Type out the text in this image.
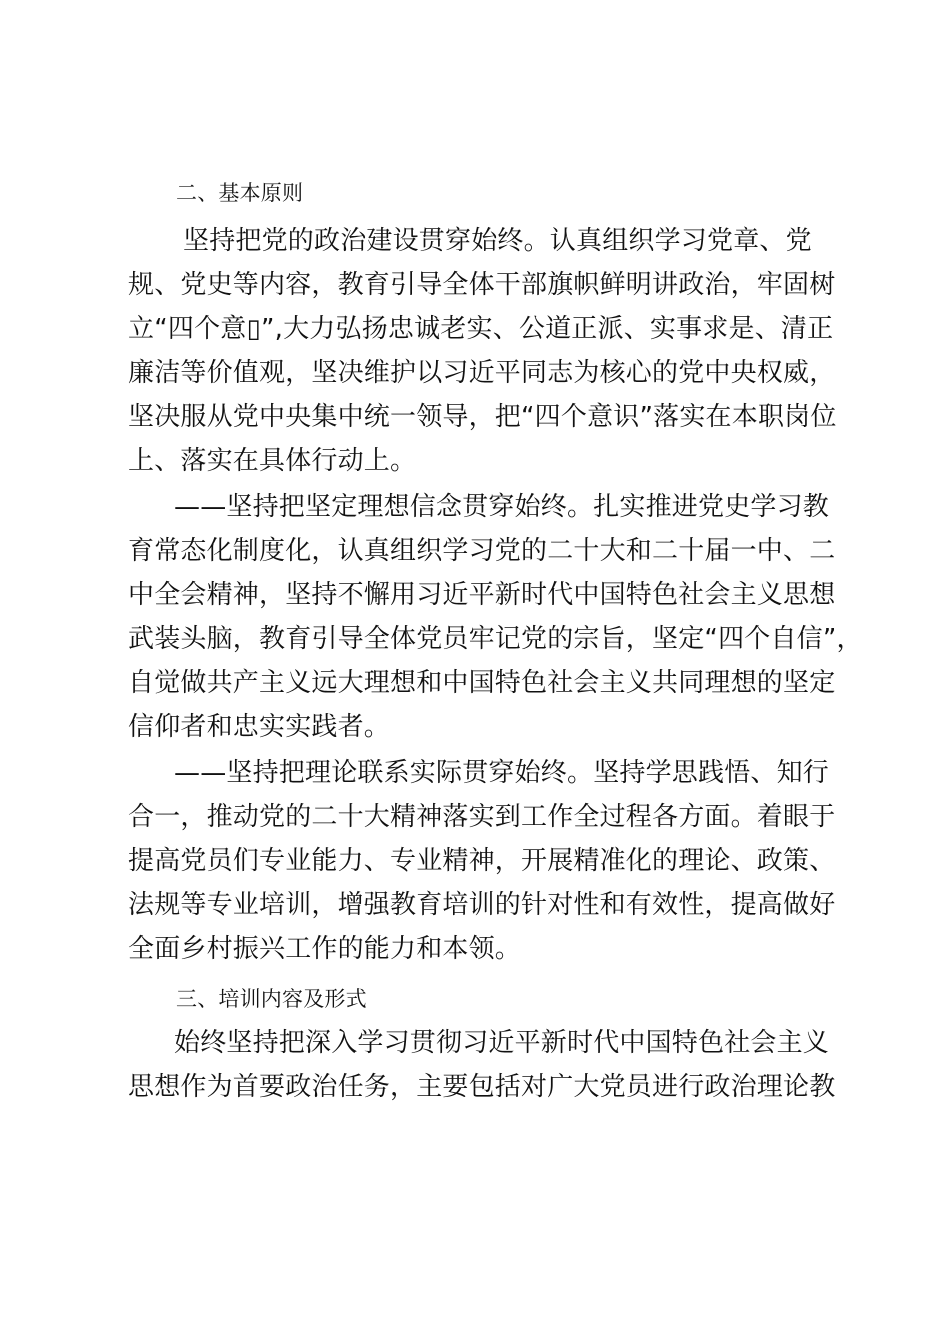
二、基本原则
坚持把党的政治建设贯穿始终。认真组织学习党章、党
规、党史等内容，教育引导全体干部旗帜鲜明讲政治，牢固树
立“四个意▯”,大力弘扬忠诚老实、公道正派、实事求是、清正
廉洁等价值观，坚决维护以习近平同志为核心的党中央权威，
坚决服从党中央集中统一领导，把“四个意识”落实在本职岗位
上、落实在具体行动上。
——坚持把坚定理想信念贯穿始终。扎实推进党史学习教
育常态化制度化，认真组织学习党的二十大和二十届一中、二
中全会精神，坚持不懈用习近平新时代中国特色社会主义思想
武装头脑，教育引导全体党员牢记党的宗旨，坚定“四个自信”，
自觉做共产主义远大理想和中国特色社会主义共同理想的坚定
信仰者和忠实实践者。
——坚持把理论联系实际贯穿始终。坚持学思践悟、知行
合一，推动党的二十大精神落实到工作全过程各方面。着眼于
提高党员们专业能力、专业精神，开展精准化的理论、政策、
法规等专业培训，增强教育培训的针对性和有效性，提高做好
全面乡村振兴工作的能力和本领。
三、培训内容及形式
始终坚持把深入学习贯彻习近平新时代中国特色社会主义
思想作为首要政治任务，主要包括对广大党员进行政治理论教
